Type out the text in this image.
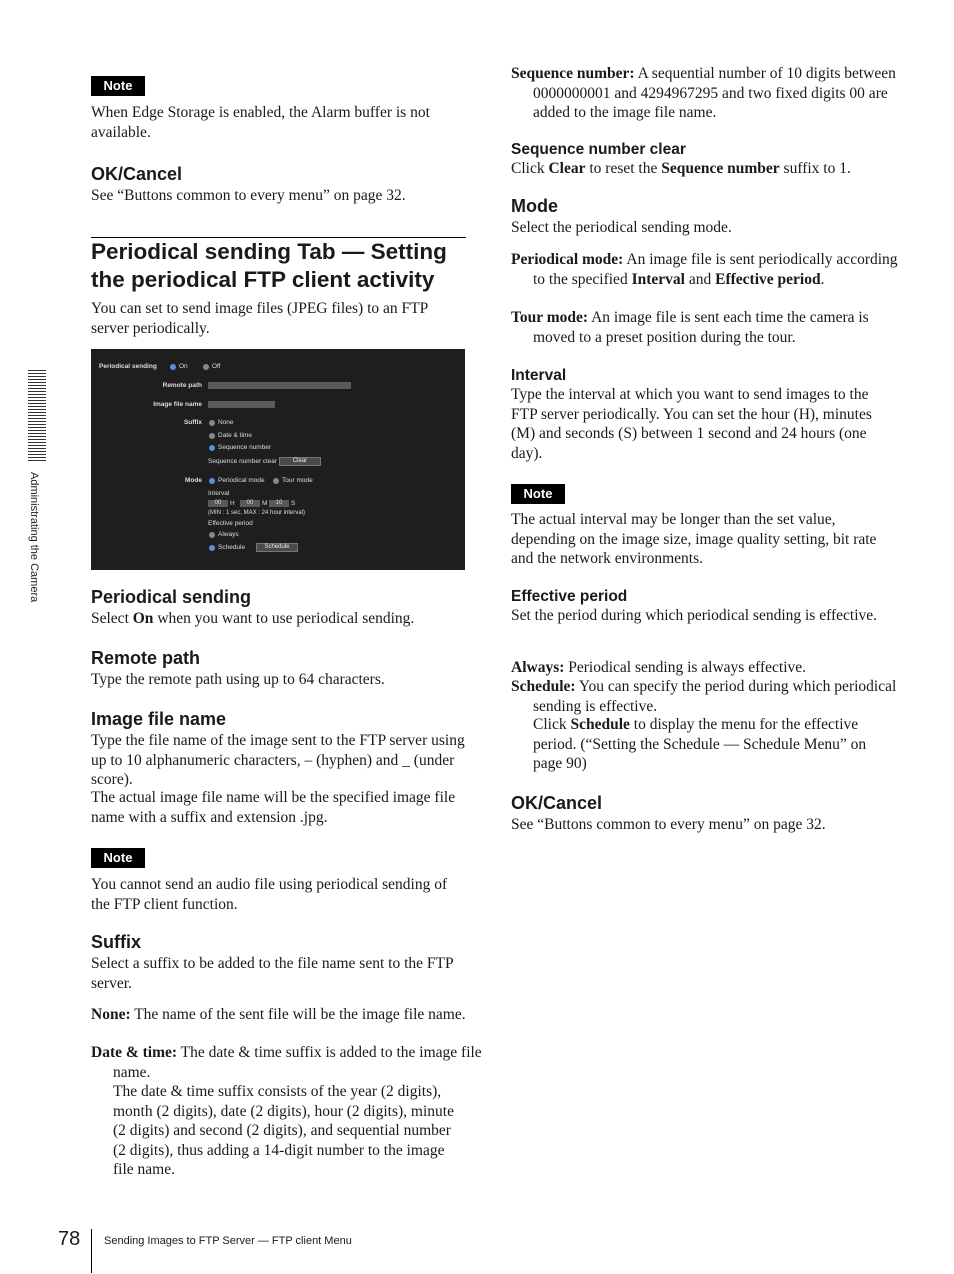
Note

When Edge Storage is enabled, the Alarm buffer is not available.

OK/Cancel

See “Buttons common to every menu” on page 32.

Periodical sending Tab — Setting
the periodical FTP client activity

You can set to send image files (JPEG files) to an FTP server periodically.

Periodical sending	On	Off
Remote path
Image file name
Suffix None
Date & time
Sequence number
Sequence number clear	Clear
Mode Periodical mode	Tour mode
Interval
00	H	00	M	10	S
(MIN : 1 sec, MAX : 24 hour interval)
Effective period
Always
Schedule	Schedule
Periodical sending

Select On when you want to use periodical sending.

Remote path

Type the remote path using up to 64 characters.

Image file name

Type the file name of the image sent to the FTP server using up to 10 alphanumeric characters, – (hyphen) and _ (under score).

The actual image file name will be the specified image file name with a suffix and extension .jpg.

Note

You cannot send an audio file using periodical sending of the FTP client function.

Suffix

Select a suffix to be added to the file name sent to the FTP server.

None: The name of the sent file will be the image file name.

Date & time: The date & time suffix is added to the image file name.

The date & time suffix consists of the year (2 digits), month (2 digits), date (2 digits), hour (2 digits), minute (2 digits) and second (2 digits), and sequential number (2 digits), thus adding a 14-digit number to the image file name.

Sequence number: A sequential number of 10 digits between 0000000001 and 4294967295 and two fixed digits 00 are added to the image file name.

Sequence number clear

Click Clear to reset the Sequence number suffix to 1.

Mode

Select the periodical sending mode.

Periodical mode: An image file is sent periodically according to the specified Interval and Effective period.

Tour mode: An image file is sent each time the camera is moved to a preset position during the tour.

Interval

Type the interval at which you want to send images to the FTP server periodically. You can set the hour (H), minutes (M) and seconds (S) between 1 second and 24 hours (one day).

Note

The actual interval may be longer than the set value, depending on the image size, image quality setting, bit rate and the network environments.

Effective period

Set the period during which periodical sending is effective.

Always: Periodical sending is always effective.

Schedule: You can specify the period during which periodical sending is effective.

Click Schedule to display the menu for the effective period. (“Setting the Schedule — Schedule Menu” on page 90)

OK/Cancel

See “Buttons common to every menu” on page 32.

Administrating the Camera
78 Sending Images to FTP Server — FTP client Menu
